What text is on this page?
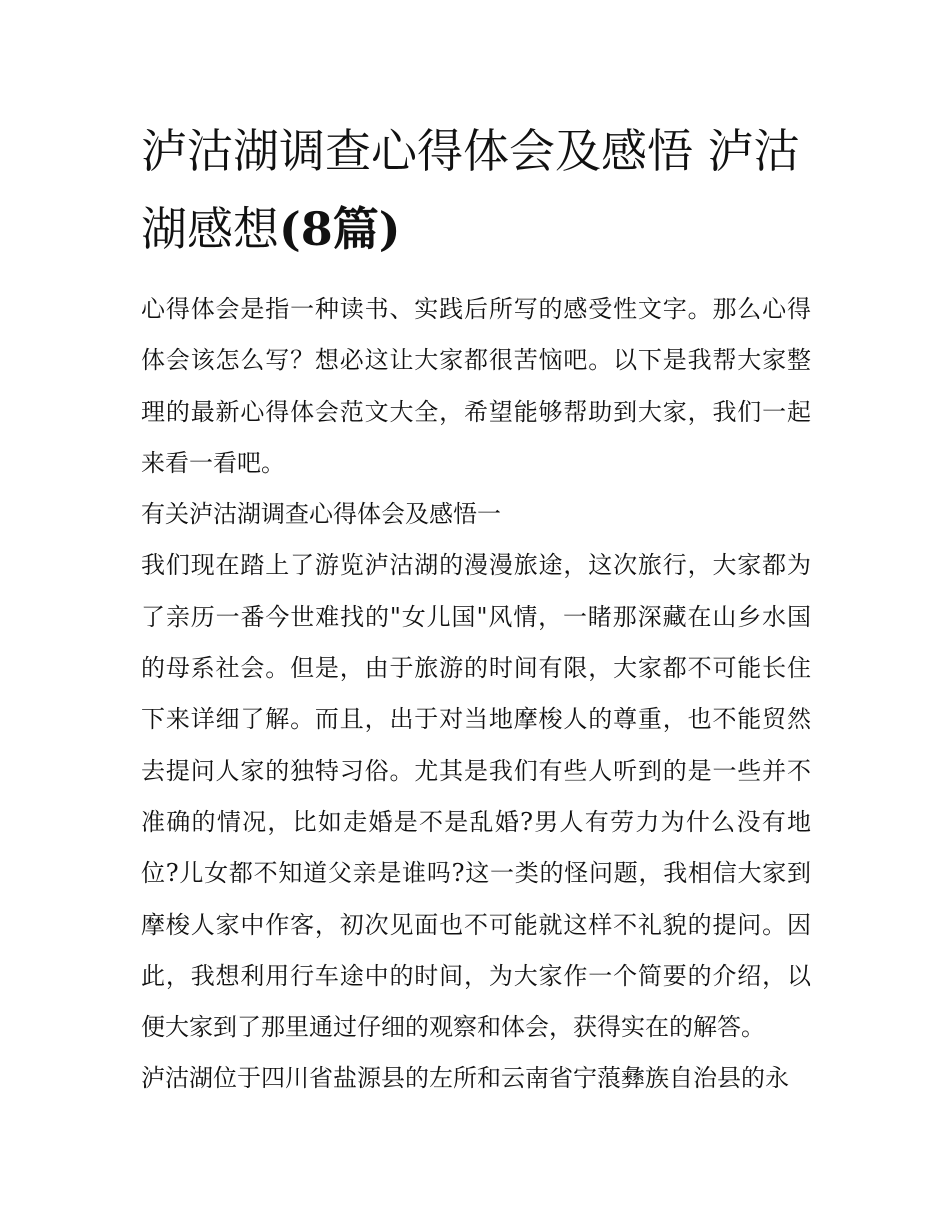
泸沽湖调查心得体会及感悟 泸沽湖感想(8篇)

心得体会是指一种读书、实践后所写的感受性文字。那么心得体会该怎么写？想必这让大家都很苦恼吧。以下是我帮大家整理的最新心得体会范文大全，希望能够帮助到大家，我们一起来看一看吧。

有关泸沽湖调查心得体会及感悟一

我们现在踏上了游览泸沽湖的漫漫旅途，这次旅行，大家都为了亲历一番今世难找的"女儿国"风情，一睹那深藏在山乡水国的母系社会。但是，由于旅游的时间有限，大家都不可能长住下来详细了解。而且，出于对当地摩梭人的尊重，也不能贸然去提问人家的独特习俗。尤其是我们有些人听到的是一些并不准确的情况，比如走婚是不是乱婚?男人有劳力为什么没有地位?儿女都不知道父亲是谁吗?这一类的怪问题，我相信大家到摩梭人家中作客，初次见面也不可能就这样不礼貌的提问。因此，我想利用行车途中的时间，为大家作一个简要的介绍，以便大家到了那里通过仔细的观察和体会，获得实在的解答。

泸沽湖位于四川省盐源县的左所和云南省宁蒗彝族自治县的永
